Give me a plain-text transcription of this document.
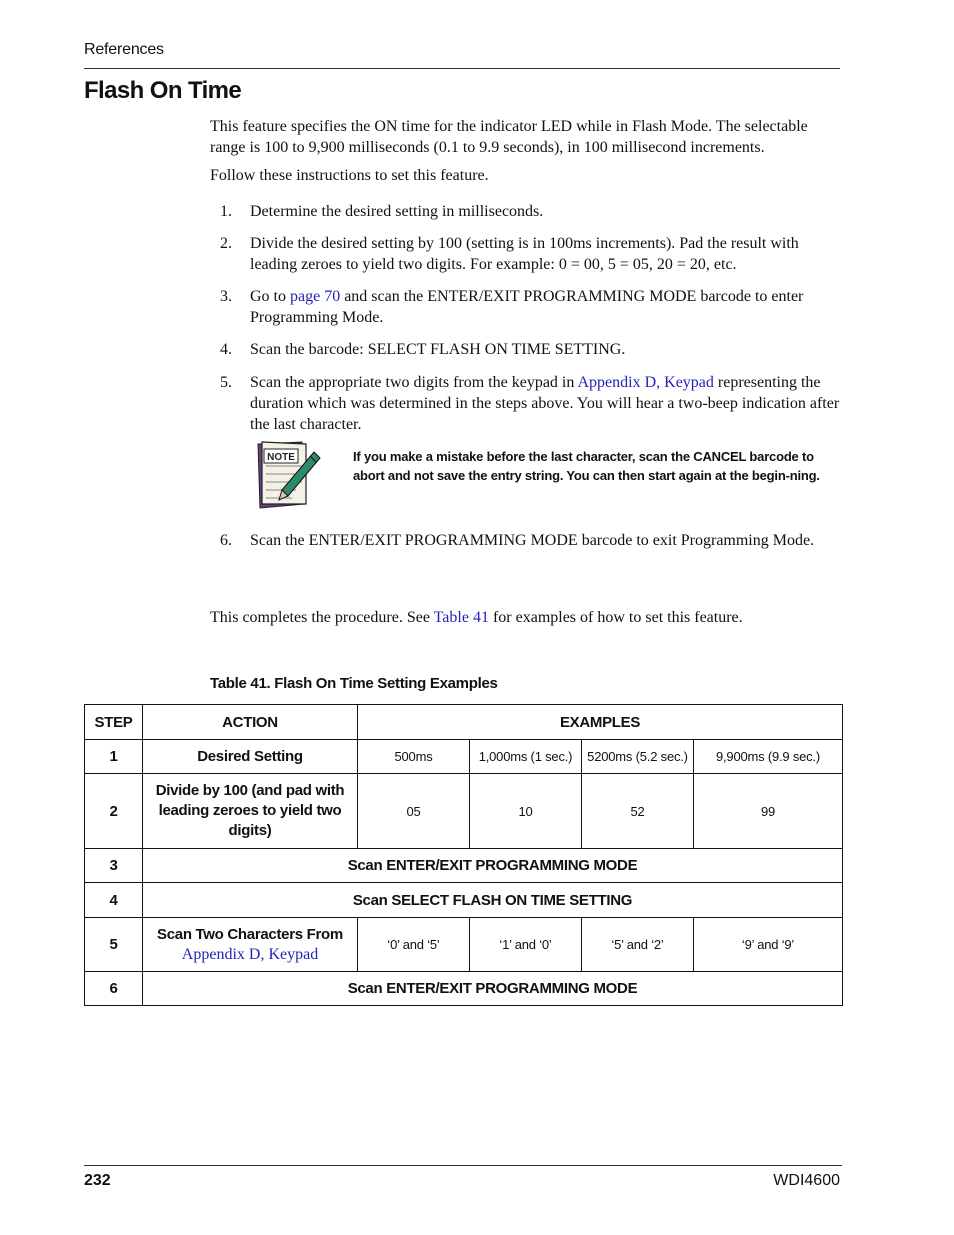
References
Flash On Time

This feature specifies the ON time for the indicator LED while in Flash Mode. The selectable range is 100 to 9,900 milliseconds (0.1 to 9.9 seconds), in 100 millisecond increments.

Follow these instructions to set this feature.

1.	Determine the desired setting in milliseconds.
2.	Divide the desired setting by 100 (setting is in 100ms increments). Pad the result with leading zeroes to yield two digits. For example: 0 = 00, 5 = 05, 20 = 20, etc.
3.	Go to page 70 and scan the ENTER/EXIT PROGRAMMING MODE barcode to enter Programming Mode.
4.	Scan the barcode: SELECT FLASH ON TIME SETTING.
5.	Scan the appropriate two digits from the keypad in Appendix D, Keypad representing the duration which was determined in the steps above. You will hear a two-beep indication after the last character.
NOTE	If you make a mistake before the last character, scan the CANCEL barcode to abort and not save the entry string. You can then start again at the begin-ning.
6.	Scan the ENTER/EXIT PROGRAMMING MODE barcode to exit Programming Mode.

This completes the procedure. See Table 41 for examples of how to set this feature.

Table 41. Flash On Time Setting Examples
STEP	ACTION	EXAMPLES			
1	Desired Setting	500ms	1,000ms (1 sec.)	5200ms (5.2 sec.)	9,900ms (9.9 sec.)
2	Divide by 100 (and pad with leading zeroes to yield two digits)	05	10	52	99
3	Scan ENTER/EXIT PROGRAMMING MODE				
4	Scan SELECT FLASH ON TIME SETTING				
5	Scan Two Characters From
Appendix D, Keypad	‘0’ and ‘5’	‘1’ and ‘0’	‘5’ and ‘2’	‘9’ and ‘9’
6	Scan ENTER/EXIT PROGRAMMING MODE				
232	WDI4600
